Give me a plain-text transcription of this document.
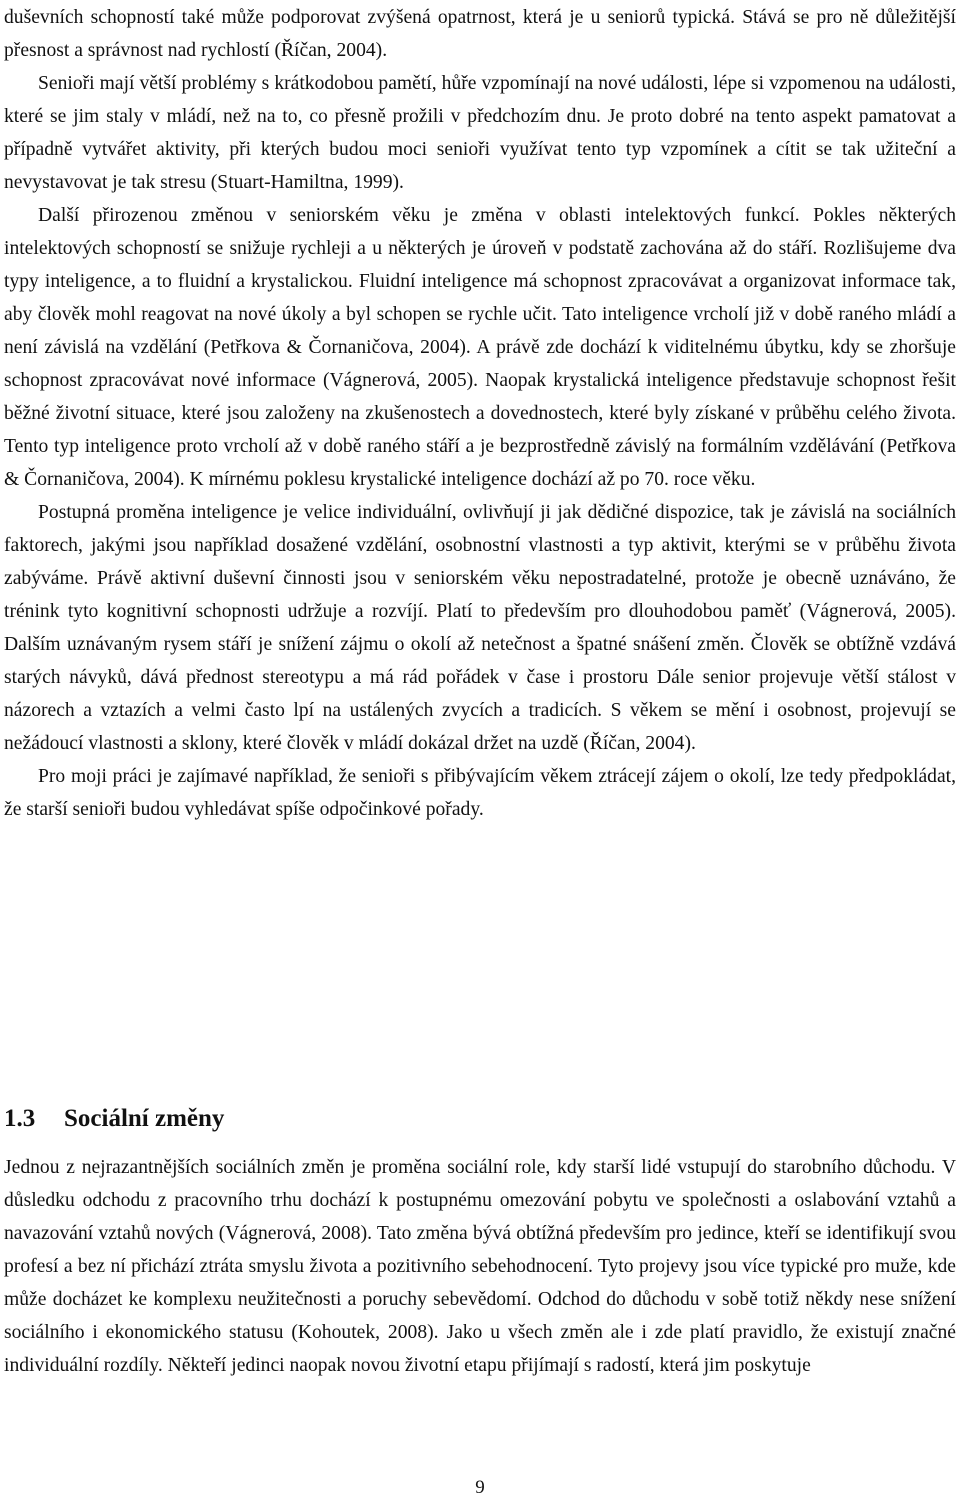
duševních schopností také může podporovat zvýšená opatrnost, která je u seniorů typická. Stává se pro ně důležitější přesnost a správnost nad rychlostí (Říčan, 2004).

Senioři mají větší problémy s krátkodobou pamětí, hůře vzpomínají na nové události, lépe si vzpomenou na události, které se jim staly v mládí, než na to, co přesně prožili v předchozím dnu. Je proto dobré na tento aspekt pamatovat a případně vytvářet aktivity, při kterých budou moci senioři využívat tento typ vzpomínek a cítit se tak užiteční a nevystavovat je tak stresu (Stuart-Hamiltna, 1999).

Další přirozenou změnou v seniorském věku je změna v oblasti intelektových funkcí. Pokles některých intelektových schopností se snižuje rychleji a u některých je úroveň v podstatě zachována až do stáří. Rozlišujeme dva typy inteligence, a to fluidní a krystalickou. Fluidní inteligence má schopnost zpracovávat a organizovat informace tak, aby člověk mohl reagovat na nové úkoly a byl schopen se rychle učit. Tato inteligence vrcholí již v době raného mládí a není závislá na vzdělání (Petřkova & Čornaničova, 2004). A právě zde dochází k viditelnému úbytku, kdy se zhoršuje schopnost zpracovávat nové informace (Vágnerová, 2005). Naopak krystalická inteligence představuje schopnost řešit běžné životní situace, které jsou založeny na zkušenostech a dovednostech, které byly získané v průběhu celého života. Tento typ inteligence proto vrcholí až v době raného stáří a je bezprostředně závislý na formálním vzdělávání (Petřkova & Čornaničova, 2004). K mírnému poklesu krystalické inteligence dochází až po 70. roce věku.

Postupná proměna inteligence je velice individuální, ovlivňují ji jak dědičné dispozice, tak je závislá na sociálních faktorech, jakými jsou například dosažené vzdělání, osobnostní vlastnosti a typ aktivit, kterými se v průběhu života zabýváme. Právě aktivní duševní činnosti jsou v seniorském věku nepostradatelné, protože je obecně uznáváno, že trénink tyto kognitivní schopnosti udržuje a rozvíjí. Platí to především pro dlouhodobou paměť (Vágnerová, 2005). Dalším uznávaným rysem stáří je snížení zájmu o okolí až netečnost a špatné snášení změn. Člověk se obtížně vzdává starých návyků, dává přednost stereotypu a má rád pořádek v čase i prostoru Dále senior projevuje větší stálost v názorech a vztazích a velmi často lpí na ustálených zvycích a tradicích. S věkem se mění i osobnost, projevují se nežádoucí vlastnosti a sklony, které člověk v mládí dokázal držet na uzdě (Říčan, 2004).

Pro moji práci je zajímavé například, že senioři s přibývajícím věkem ztrácejí zájem o okolí, lze tedy předpokládat, že starší senioři budou vyhledávat spíše odpočinkové pořady.

1.3 Sociální změny

Jednou z nejrazantnějších sociálních změn je proměna sociální role, kdy starší lidé vstupují do starobního důchodu. V důsledku odchodu z pracovního trhu dochází k postupnému omezování pobytu ve společnosti a oslabování vztahů a navazování vztahů nových (Vágnerová, 2008). Tato změna bývá obtížná především pro jedince, kteří se identifikují svou profesí a bez ní přichází ztráta smyslu života a pozitivního sebehodnocení. Tyto projevy jsou více typické pro muže, kde může docházet ke komplexu neužitečnosti a poruchy sebevědomí. Odchod do důchodu v sobě totiž někdy nese snížení sociálního i ekonomického statusu (Kohoutek, 2008). Jako u všech změn ale i zde platí pravidlo, že existují značné individuální rozdíly. Někteří jedinci naopak novou životní etapu přijímají s radostí, která jim poskytuje

9
